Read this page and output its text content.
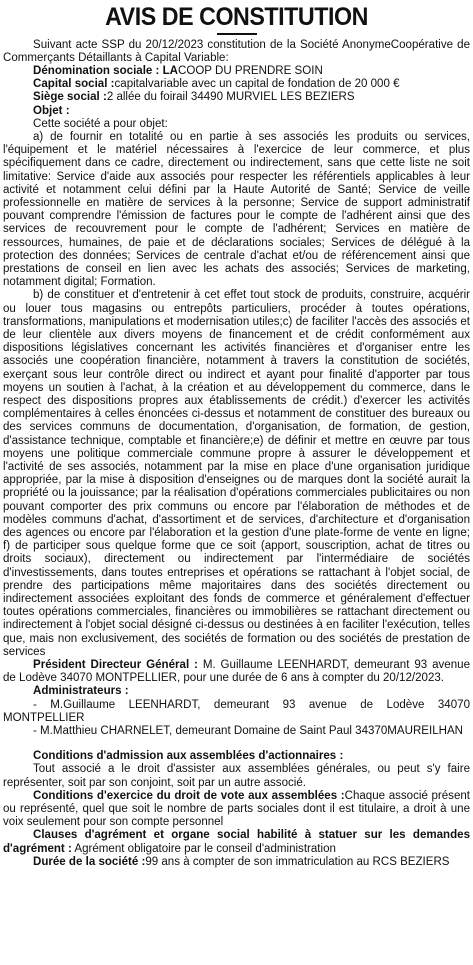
AVIS DE CONSTITUTION

Suivant acte SSP du 20/12/2023 constitution de la Société AnonymeCoopérative de Commerçants Détaillants à Capital Variable:

Dénomination sociale : LACOOP DU PRENDRE SOIN

Capital social :capitalvariable avec un capital de fondation de 20 000 €

Siège social :2 allée du foirail 34490 MURVIEL LES BEZIERS

Objet :

Cette société a pour objet:

a) de fournir en totalité ou en partie à ses associés les produits ou services, l'équipement et le matériel nécessaires à l'exercice de leur commerce, et plus spécifiquement dans ce cadre, directement ou indirectement, sans que cette liste ne soit limitative: Service d'aide aux associés pour respecter les référentiels applicables à leur activité et notamment celui défini par la Haute Autorité de Santé; Service de veille professionnelle en matière de services à la personne; Service de support administratif pouvant comprendre l'émission de factures pour le compte de l'adhérent ainsi que des services de recouvrement pour le compte de l'adhérent; Services en matière de ressources, humaines, de paie et de déclarations sociales; Services de délégué à la protection des données; Services de centrale d'achat et/ou de référencement ainsi que prestations de conseil en lien avec les achats des associés; Services de marketing, notamment digital; Formation.

b) de constituer et d'entretenir à cet effet tout stock de produits, construire, acquérir ou louer tous magasins ou entrepôts particuliers, procéder à toutes opérations, transformations, manipulations et modernisation utiles;c) de faciliter l'accès des associés et de leur clientèle aux divers moyens de financement et de crédit conformément aux dispositions législatives concernant les activités financières et d'organiser entre les associés une coopération financière, notamment à travers la constitution de sociétés, exerçant sous leur contrôle direct ou indirect et ayant pour finalité d'apporter par tous moyens un soutien à l'achat, à la création et au développement du commerce, dans le respect des dispositions propres aux établissements de crédit.) d'exercer les activités complémentaires à celles énoncées ci-dessus et notamment de constituer des bureaux ou des services communs de documentation, d'organisation, de formation, de gestion, d'assistance technique, comptable et financière;e) de définir et mettre en œuvre par tous moyens une politique commerciale commune propre à assurer le développement et l'activité de ses associés, notamment par la mise en place d'une organisation juridique appropriée, par la mise à disposition d'enseignes ou de marques dont la société aurait la propriété ou la jouissance; par la réalisation d'opérations commerciales publicitaires ou non pouvant comporter des prix communs ou encore par l'élaboration de méthodes et de modèles communs d'achat, d'assortiment et de services, d'architecture et d'organisation des agences ou encore par l'élaboration et la gestion d'une plate-forme de vente en ligne; f) de participer sous quelque forme que ce soit (apport, souscription, achat de titres ou droits sociaux), directement ou indirectement par l'intermédiaire de sociétés d'investissements, dans toutes entreprises et opérations se rattachant à l'objet social, de prendre des participations même majoritaires dans des sociétés directement ou indirectement associées exploitant des fonds de commerce et généralement d'effectuer toutes opérations commerciales, financières ou immobilières se rattachant directement ou indirectement à l'objet social désigné ci-dessus ou destinées à en faciliter l'exécution, telles que, mais non exclusivement, des sociétés de formation ou des sociétés de prestation de services

Président Directeur Général : M. Guillaume LEENHARDT, demeurant 93 avenue de Lodève 34070 MONTPELLIER, pour une durée de 6 ans à compter du 20/12/2023.

Administrateurs :

- M.Guillaume LEENHARDT, demeurant 93 avenue de Lodève 34070 MONTPELLIER

- M.Matthieu CHARNELET, demeurant Domaine de Saint Paul 34370MAUREILHAN

Conditions d'admission aux assemblées d'actionnaires :

Tout associé a le droit d'assister aux assemblées générales, ou peut s'y faire représenter, soit par son conjoint, soit par un autre associé.

Conditions d'exercice du droit de vote aux assemblées :Chaque associé présent ou représenté, quel que soit le nombre de parts sociales dont il est titulaire, a droit à une voix seulement pour son compte personnel

Clauses d'agrément et organe social habilité à statuer sur les demandes d'agrément : Agrément obligatoire par le conseil d'administration

Durée de la société :99 ans à compter de son immatriculation au RCS BEZIERS
